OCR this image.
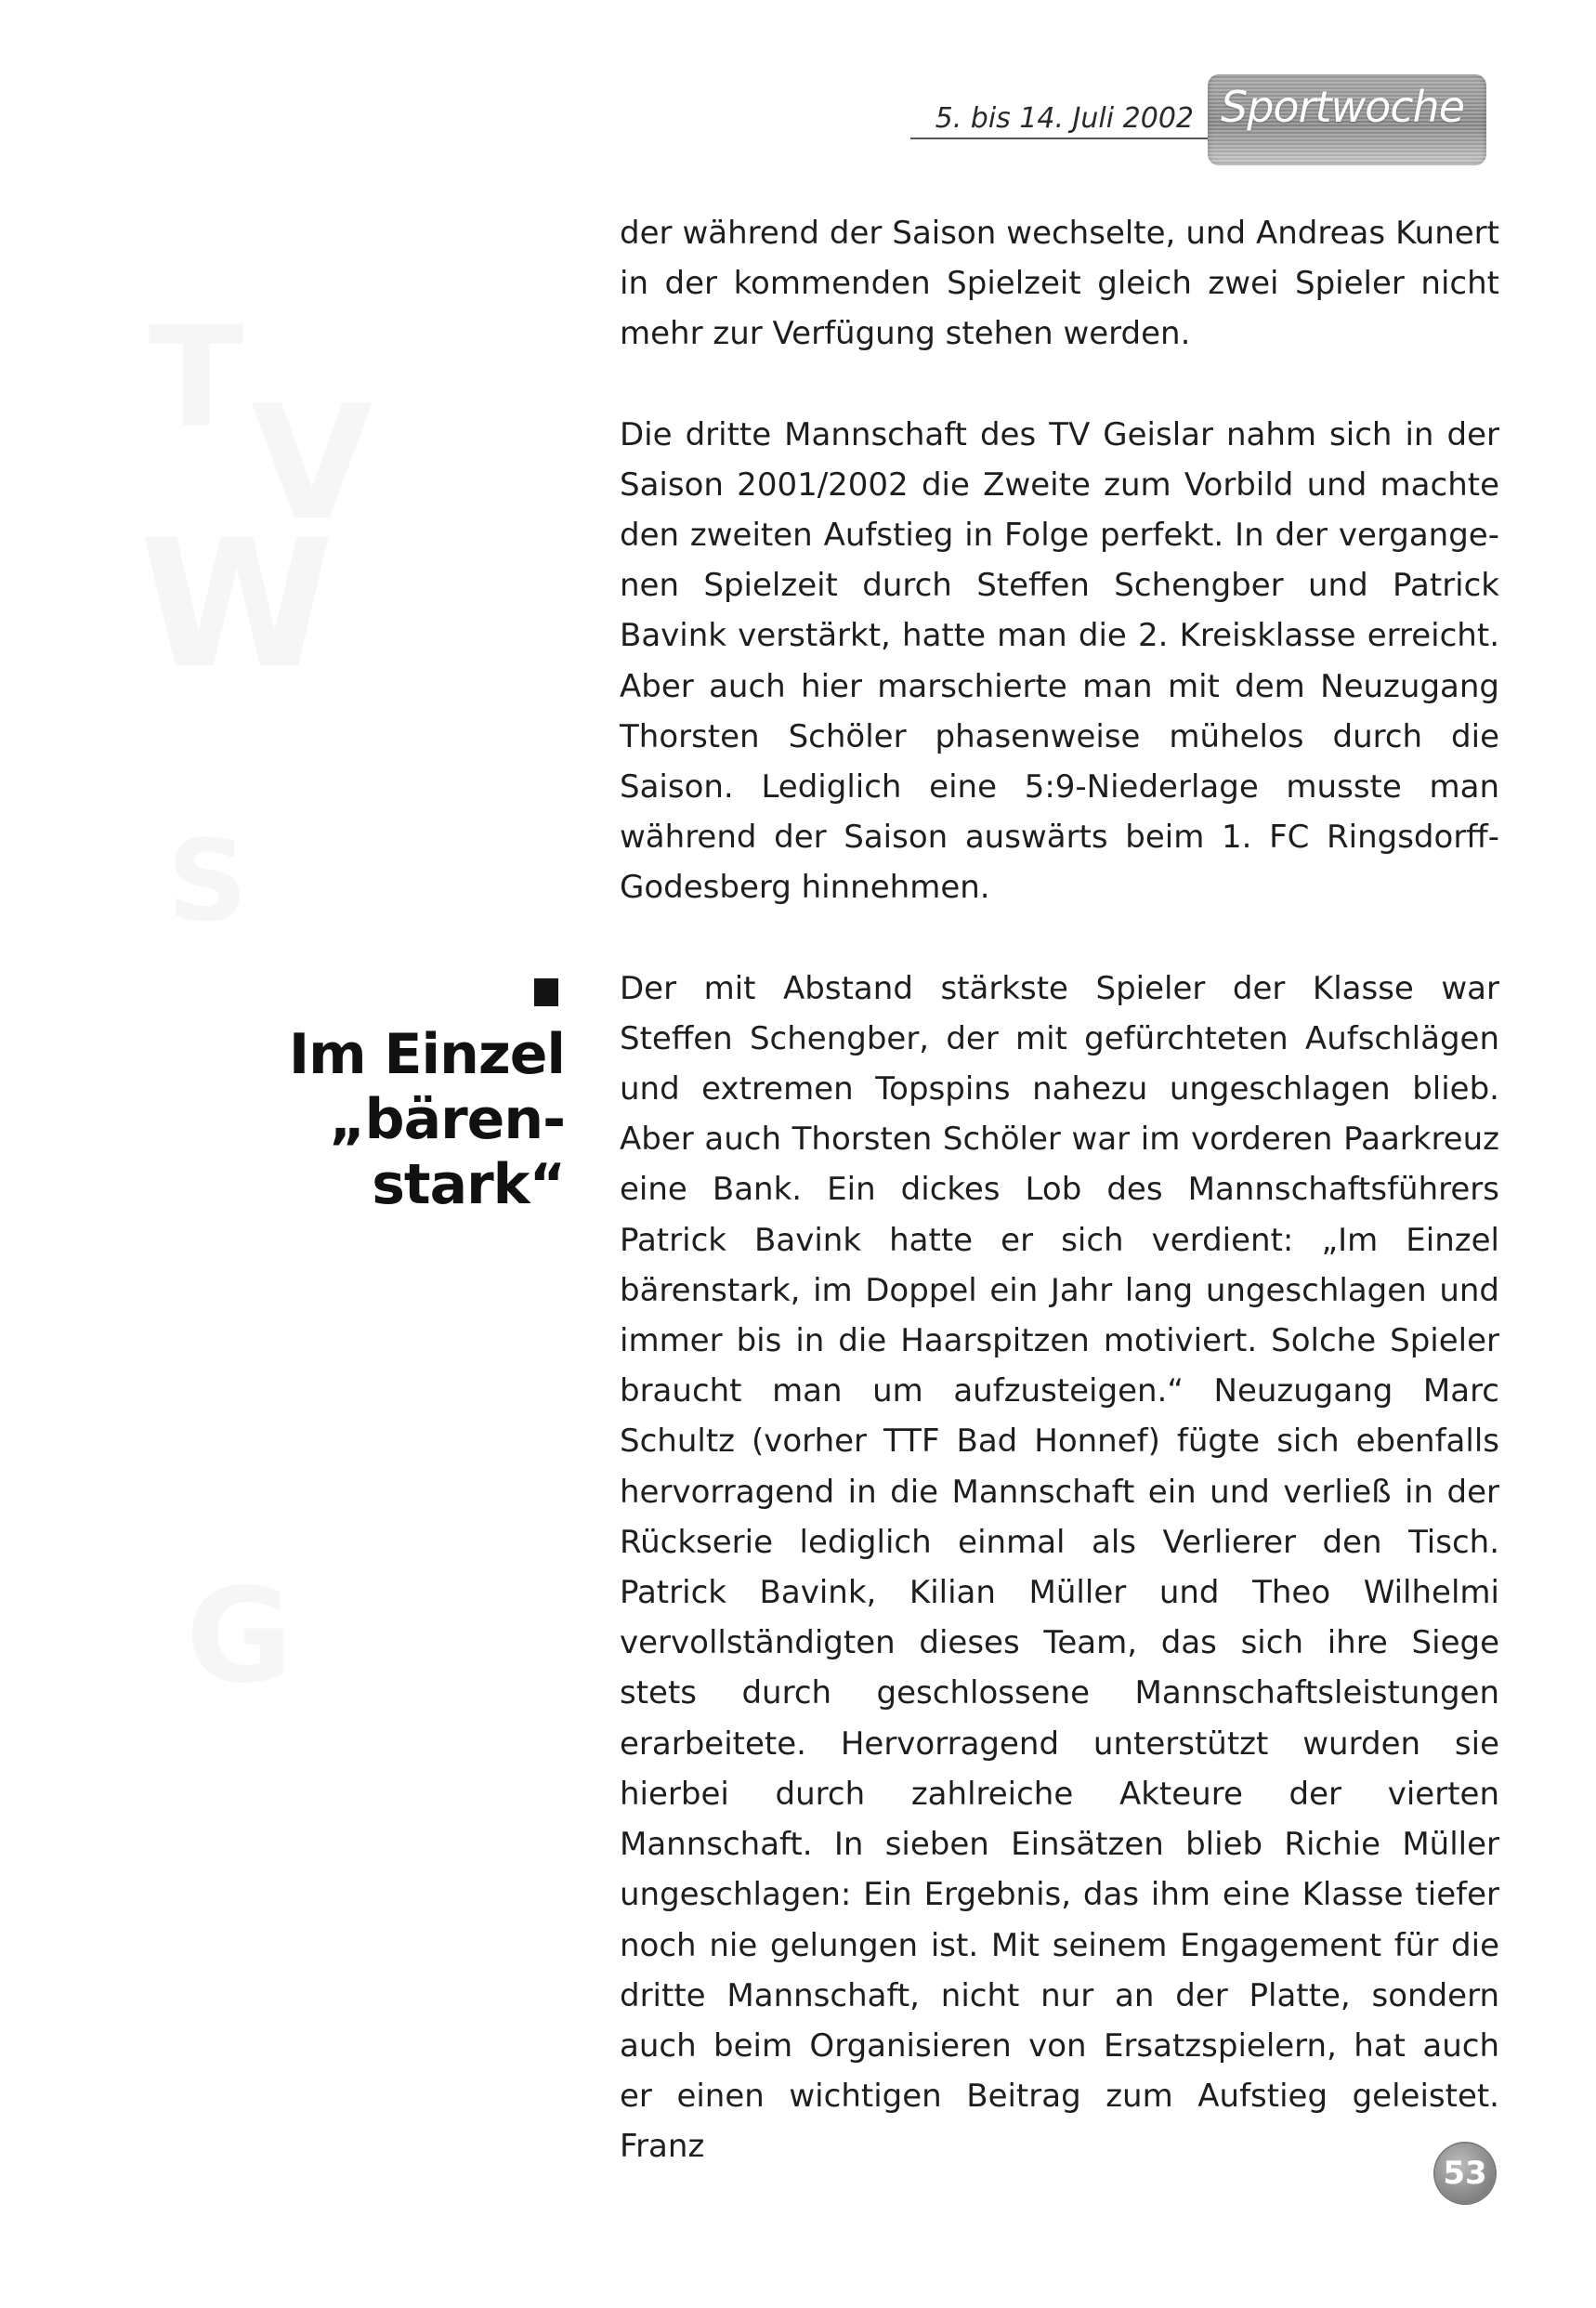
T V
W
S
G
5. bis 14. Juli 2002 Sportwoche
Im Einzel
„bären-
stark“

der während der Saison wechselte, und Andreas Kunert in der kommenden Spielzeit gleich zwei Spieler nicht mehr zur Verfügung stehen werden.

Die dritte Mannschaft des TV Geislar nahm sich in der Saison 2001/2002 die Zweite zum Vorbild und machte den zweiten Aufstieg in Folge perfekt. In der vergangenen Spielzeit durch Steffen Schengber und Patrick Bavink verstärkt, hatte man die 2. Kreisklasse erreicht. Aber auch hier marschierte man mit dem Neuzugang Thorsten Schöler phasenweise mühelos durch die Saison. Lediglich eine 5:9-Niederlage musste man während der Saison auswärts beim 1. FC Ringsdorff-Godesberg hinnehmen.

Der mit Abstand stärkste Spieler der Klasse war Steffen Schengber, der mit gefürchteten Aufschlägen und extremen Topspins nahezu ungeschlagen blieb. Aber auch Thorsten Schöler war im vorderen Paarkreuz eine Bank. Ein dickes Lob des Mannschaftsführers Patrick Bavink hatte er sich verdient: „Im Einzel bärenstark, im Doppel ein Jahr lang ungeschlagen und immer bis in die Haarspitzen motiviert. Solche Spieler braucht man um aufzusteigen.“ Neuzugang Marc Schultz (vorher TTF Bad Honnef) fügte sich ebenfalls hervorragend in die Mannschaft ein und verließ in der Rückserie lediglich einmal als Verlierer den Tisch. Patrick Bavink, Kilian Müller und Theo Wilhelmi vervollständigten dieses Team, das sich ihre Siege stets durch geschlossene Mannschaftsleistungen erarbeitete. Hervorragend unterstützt wurden sie hierbei durch zahlreiche Akteure der vierten Mannschaft. In sieben Einsätzen blieb Richie Müller ungeschlagen: Ein Ergebnis, das ihm eine Klasse tiefer noch nie gelungen ist. Mit seinem Engagement für die dritte Mannschaft, nicht nur an der Platte, sondern auch beim Organisieren von Ersatzspielern, hat auch er einen wichtigen Beitrag zum Aufstieg geleistet. Franz

53
